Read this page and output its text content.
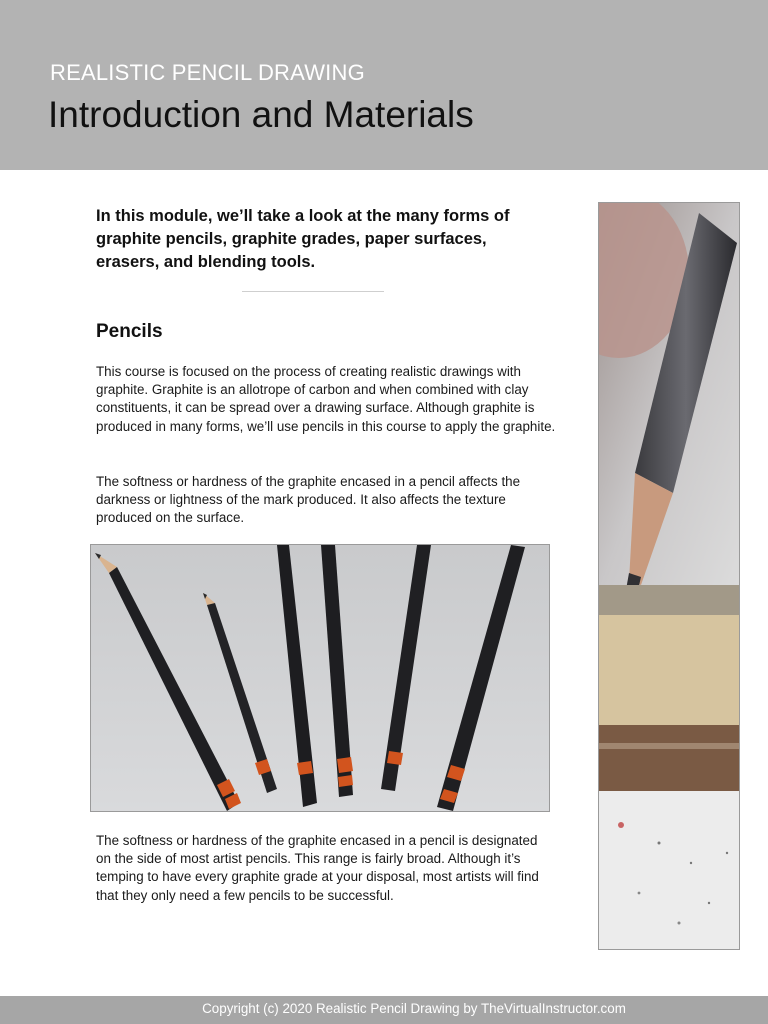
REALISTIC PENCIL DRAWING
Introduction and Materials
In this module, we’ll take a look at the many forms of graphite pencils, graphite grades, paper surfaces, erasers, and blending tools.
Pencils
This course is focused on the process of creating realistic drawings with graphite. Graphite is an allotrope of carbon and when combined with clay constituents, it can be spread over a drawing surface. Although graphite is produced in many forms, we’ll use pencils in this course to apply the graphite.
The softness or hardness of the graphite encased in a pencil affects the darkness or lightness of the mark produced. It also affects the texture produced on the surface.
The softness or hardness of the graphite encased in a pencil is designated on the side of most artist pencils. This range is fairly broad. Although it’s temping to have every graphite grade at your disposal, most artists will find that they only need a few pencils to be successful.
Copyright (c) 2020 Realistic Pencil Drawing by TheVirtualInstructor.com
